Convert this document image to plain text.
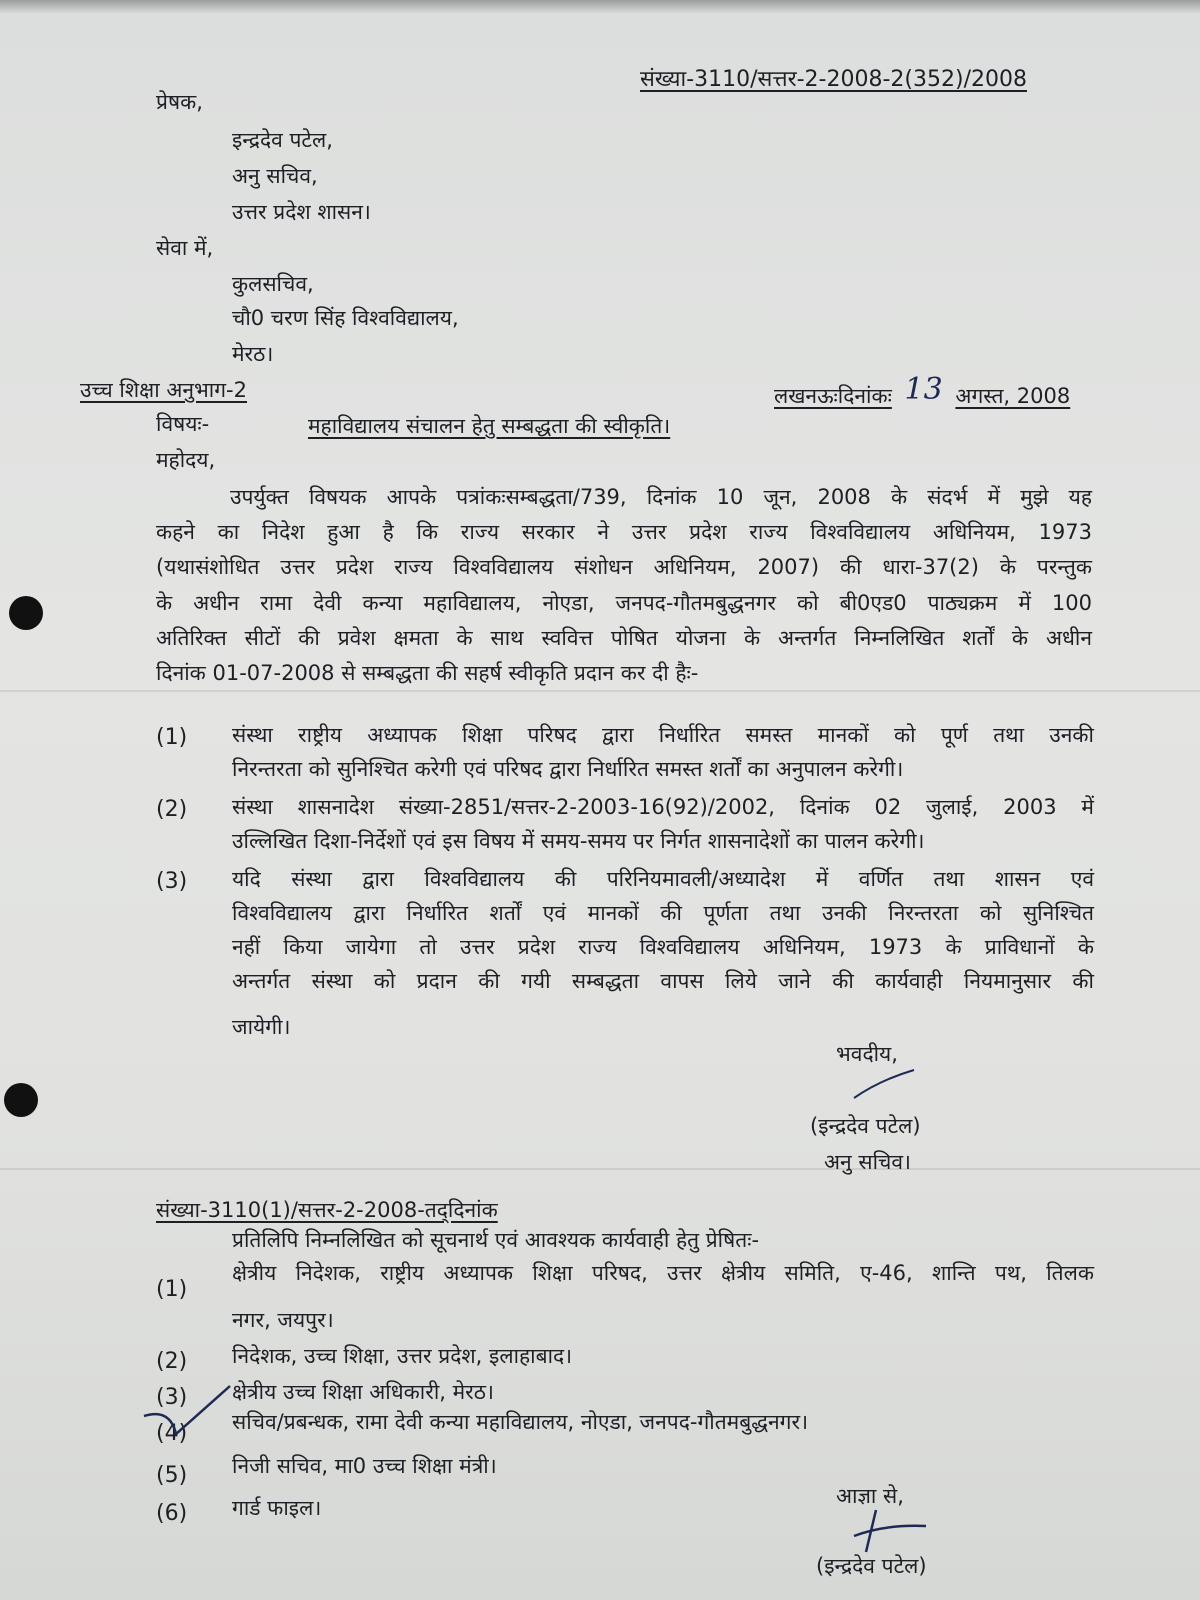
संख्या-3110/सत्तर-2-2008-2(352)/2008
प्रेषक,
इन्द्रदेव पटेल,
अनु सचिव,
उत्तर प्रदेश शासन।
सेवा में,
कुलसचिव,
चौ0 चरण सिंह विश्वविद्यालय,
मेरठ।
उच्च शिक्षा अनुभाग-2	लखनऊःदिनांकः 13 अगस्त, 2008
विषयः-	महाविद्यालय संचालन हेतु सम्बद्धता की स्वीकृति।
महोदय,
उपर्युक्त विषयक आपके पत्रांकःसम्बद्धता/739, दिनांक 10 जून, 2008 के संदर्भ में मुझे यह
कहने का निदेश हुआ है कि राज्य सरकार ने उत्तर प्रदेश राज्य विश्वविद्यालय अधिनियम, 1973
(यथासंशोधित उत्तर प्रदेश राज्य विश्वविद्यालय संशोधन अधिनियम, 2007) की धारा-37(2) के परन्तुक
के अधीन रामा देवी कन्या महाविद्यालय, नोएडा, जनपद-गौतमबुद्धनगर को बी0एड0 पाठ्यक्रम में 100
अतिरिक्त सीटों की प्रवेश क्षमता के साथ स्ववित्त पोषित योजना के अन्तर्गत निम्नलिखित शर्तों के अधीन
दिनांक 01-07-2008 से सम्बद्धता की सहर्ष स्वीकृति प्रदान कर दी हैः-
(1) संस्था राष्ट्रीय अध्यापक शिक्षा परिषद द्वारा निर्धारित समस्त मानकों को पूर्ण तथा उनकी
निरन्तरता को सुनिश्चित करेगी एवं परिषद द्वारा निर्धारित समस्त शर्तों का अनुपालन करेगी।
(2) संस्था शासनादेश संख्या-2851/सत्तर-2-2003-16(92)/2002, दिनांक 02 जुलाई, 2003 में
उल्लिखित दिशा-निर्देशों एवं इस विषय में समय-समय पर निर्गत शासनादेशों का पालन करेगी।
(3) यदि संस्था द्वारा विश्वविद्यालय की परिनियमावली/अध्यादेश में वर्णित तथा शासन एवं
विश्वविद्यालय द्वारा निर्धारित शर्तों एवं मानकों की पूर्णता तथा उनकी निरन्तरता को सुनिश्चित
नहीं किया जायेगा तो उत्तर प्रदेश राज्य विश्वविद्यालय अधिनियम, 1973 के प्राविधानों के
अन्तर्गत संस्था को प्रदान की गयी सम्बद्धता वापस लिये जाने की कार्यवाही नियमानुसार की
जायेगी।
भवदीय,
(इन्द्रदेव पटेल)
अनु सचिव।
संख्या-3110(1)/सत्तर-2-2008-तद्‌दिनांक
प्रतिलिपि निम्नलिखित को सूचनार्थ एवं आवश्यक कार्यवाही हेतु प्रेषितः-
(1)
क्षेत्रीय निदेशक, राष्ट्रीय अध्यापक शिक्षा परिषद, उत्तर क्षेत्रीय समिति, ए-46, शान्ति पथ, तिलक
नगर, जयपुर।
(2) निदेशक, उच्च शिक्षा, उत्तर प्रदेश, इलाहाबाद।
(3) क्षेत्रीय उच्च शिक्षा अधिकारी, मेरठ।
(4) सचिव/प्रबन्धक, रामा देवी कन्या महाविद्यालय, नोएडा, जनपद-गौतमबुद्धनगर।
(5) निजी सचिव, मा0 उच्च शिक्षा मंत्री।
(6) गार्ड फाइल।	आज्ञा से,
(इन्द्रदेव पटेल)
